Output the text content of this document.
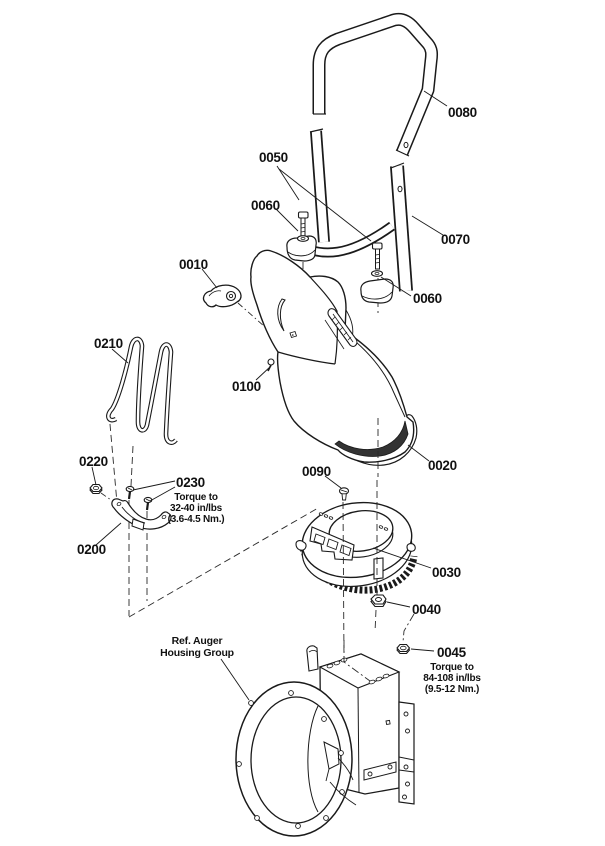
0080
0050
0060
0070
0060
0010
0210
0100
0020
0220
0090
0200
0030
0040
0230
Torque to
32-40 in/lbs
(3.6-4.5 Nm.)
0045
Torque to
84-108 in/lbs
(9.5-12 Nm.)
Ref. Auger
Housing Group
